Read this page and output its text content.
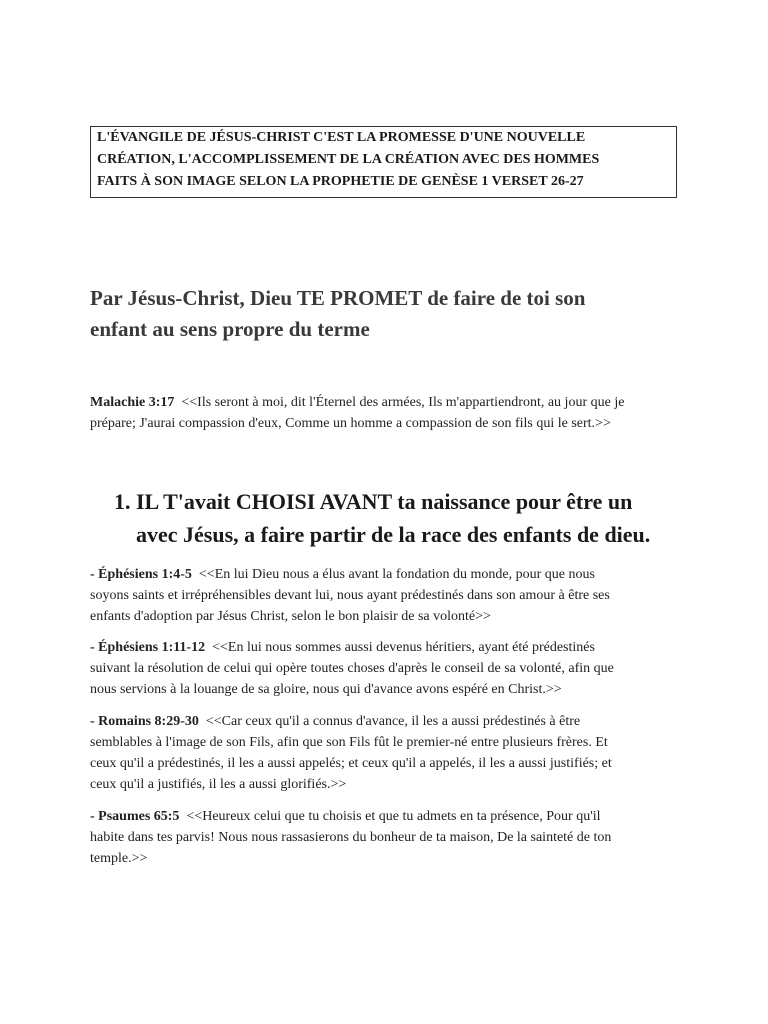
L'ÉVANGILE DE JÉSUS-CHRIST C'EST LA PROMESSE D'UNE NOUVELLE
CRÉATION, L'ACCOMPLISSEMENT DE LA CRÉATION AVEC DES HOMMES
FAITS À SON IMAGE SELON LA PROPHETIE DE GENÈSE 1 VERSET 26-27
Par Jésus-Christ, Dieu TE PROMET de faire de toi son
enfant au sens propre du terme
Malachie 3:17 <<Ils seront à moi, dit l'Éternel des armées, Ils m'appartiendront, au jour que je
prépare; J'aurai compassion d'eux, Comme un homme a compassion de son fils qui le sert.>>
1. IL T'avait CHOISI AVANT ta naissance pour être un
avec Jésus, a faire partir de la race des enfants de dieu.
- Éphésiens 1:4-5 <<En lui Dieu nous a élus avant la fondation du monde, pour que nous
soyons saints et irrépréhensibles devant lui, nous ayant prédestinés dans son amour à être ses
enfants d'adoption par Jésus Christ, selon le bon plaisir de sa volonté>>
- Éphésiens 1:11-12 <<En lui nous sommes aussi devenus héritiers, ayant été prédestinés
suivant la résolution de celui qui opère toutes choses d'après le conseil de sa volonté, afin que
nous servions à la louange de sa gloire, nous qui d'avance avons espéré en Christ.>>
- Romains 8:29-30 <<Car ceux qu'il a connus d'avance, il les a aussi prédestinés à être
semblables à l'image de son Fils, afin que son Fils fût le premier-né entre plusieurs frères. Et
ceux qu'il a prédestinés, il les a aussi appelés; et ceux qu'il a appelés, il les a aussi justifiés; et
ceux qu'il a justifiés, il les a aussi glorifiés.>>
- Psaumes 65:5 <<Heureux celui que tu choisis et que tu admets en ta présence, Pour qu'il
habite dans tes parvis! Nous nous rassasierons du bonheur de ta maison, De la sainteté de ton
temple.>>
